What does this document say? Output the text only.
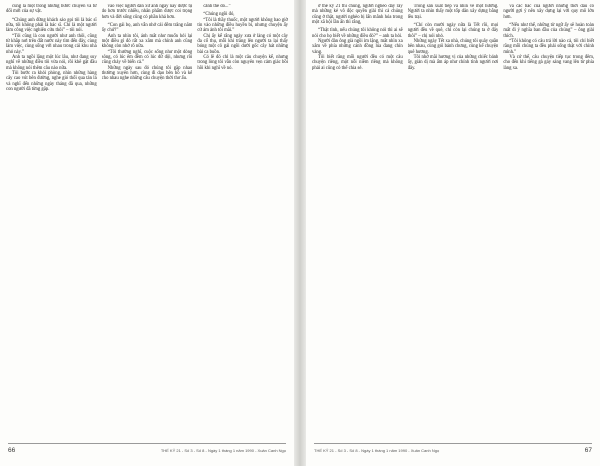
cũng là một trong những bước chuyển và từ đổi mới của sự vật.

“Chúng anh đừng khách sáo gọi tôi là bác sĩ nữa, tôi không phải là bác sĩ. Chỉ là một người làm công việc nghiên cứu thôi” – tôi nói.

“Tôi cũng là con người như anh thôi, cũng từ khắp nơi trên đất nước này tìm đến đây, cùng làm việc, cùng sống với nhau trong cái khu nhà nhỏ này.”

Anh ta ngồi lặng một lúc lâu, như đang suy nghĩ về những điều tôi vừa nói, rồi khẽ gật đầu mà không nói thêm câu nào nữa.

Tôi bước ra khỏi phòng, nhìn những hàng cây cao vút bên đường, nghe gió thổi qua tán lá và nghĩ đến những ngày tháng đã qua, những con người đã từng gặp.

vào việc người dân xứ anh ngày nay được tự do hơn trước nhiều, nhân phẩm được coi trọng hơn và đời sống cũng có phần khá hơn.

“Con gái bọ, anh vẫn nhớ cái đêm trăng năm ấy chứ?”

Anh ta nhìn tôi, ánh mắt như muốn hỏi lại một điều gì đó rất xa xăm mà chính anh cũng không còn nhớ rõ nữa.

“Tôi thường nghĩ, cuộc sống như một dòng sông, có lúc êm đềm có lúc dữ dội, nhưng rồi cũng chảy về biển cả.”

Những ngày sau đó chúng tôi gặp nhau thường xuyên hơn, cùng đi dạo bên hồ và kể cho nhau nghe những câu chuyện thời thơ ấu.

cảnh thế đó...”

“Chúng ngồi đó,

“Tôi là thầy thuốc, một người không bao giờ tin vào những điều huyền bí, nhưng chuyện ấy cứ ám ảnh tôi mãi.”

Chị ấy kể rằng ngày xưa ở làng có một cây đa cổ thụ, mỗi khi trăng lên người ta lại thấy bóng một cô gái ngồi dưới gốc cây hát những bài ca buồn.

Có lẽ đó chỉ là một câu chuyện kể, nhưng trong lòng tôi vẫn còn nguyên vẹn cảm giác bồi hồi khi nghĩ về nó.

66	THẾ KỶ 21 - Số 3 - Số 8 - Ngày 1 tháng 1 năm 1990 - Xuân Canh Ngọ

ở thế kỷ 21 thì chúng, người nghèo đấy rấy mà những kẻ vô độc quyền giải thì cả chúng cũng ở thật, người nghèo bị lấn mãnh hóa trong một xã hội lần ấn thì rằng,

“Thật tình, nếu chúng tôi không nói thì ai sẽ nói cho họ biết về những điều đó?” – anh ta hỏi.

Người đàn ông già ngồi im lặng, mắt nhìn xa xăm về phía những cánh đồng lúa đang chín vàng.

Tôi biết rằng mỗi người đều có một câu chuyện riêng, một nỗi niềm riêng mà không phải ai cũng có thể chia sẻ.

Trong sân xuất tiếp và nhìn về một hướng. Người ta nhìn thấy một tốp dân xây dựng bằng lều trại.

“Chỉ còn mười ngày nữa là Tết rồi, mọi người đều về quê, chỉ còn lại chúng ta ở đây thôi” – chị nói nhỏ.

Những ngày Tết xa nhà, chúng tôi quây quần bên nhau, cùng gói bánh chưng, cùng kể chuyện quê hương.

Tôi nhớ mãi hương vị của những chiếc bánh ấy, giản dị mà ấm áp như chính tình người nơi đây.

và các bác của người nhưng thời đầu có người gợi ý nên xây dựng lại với quy mô lớn hơn.

“Nếu như thế, những từ ngữ ấy sẽ hoàn toàn mất đi ý nghĩa ban đầu của chúng” – ông giải thích.

“Tôi không có câu trả lời nào cả, tôi chỉ biết rằng mỗi chúng ta đều phải sống thật với chính mình.”

Và cứ thế, câu chuyện tiếp tục trong đêm, cho đến khi tiếng gà gáy sáng vang lên từ phía làng xa.

THẾ KỶ 21 - Số 3 - Số 8 - Ngày 1 tháng 1 năm 1990 - Xuân Canh Ngọ	67
